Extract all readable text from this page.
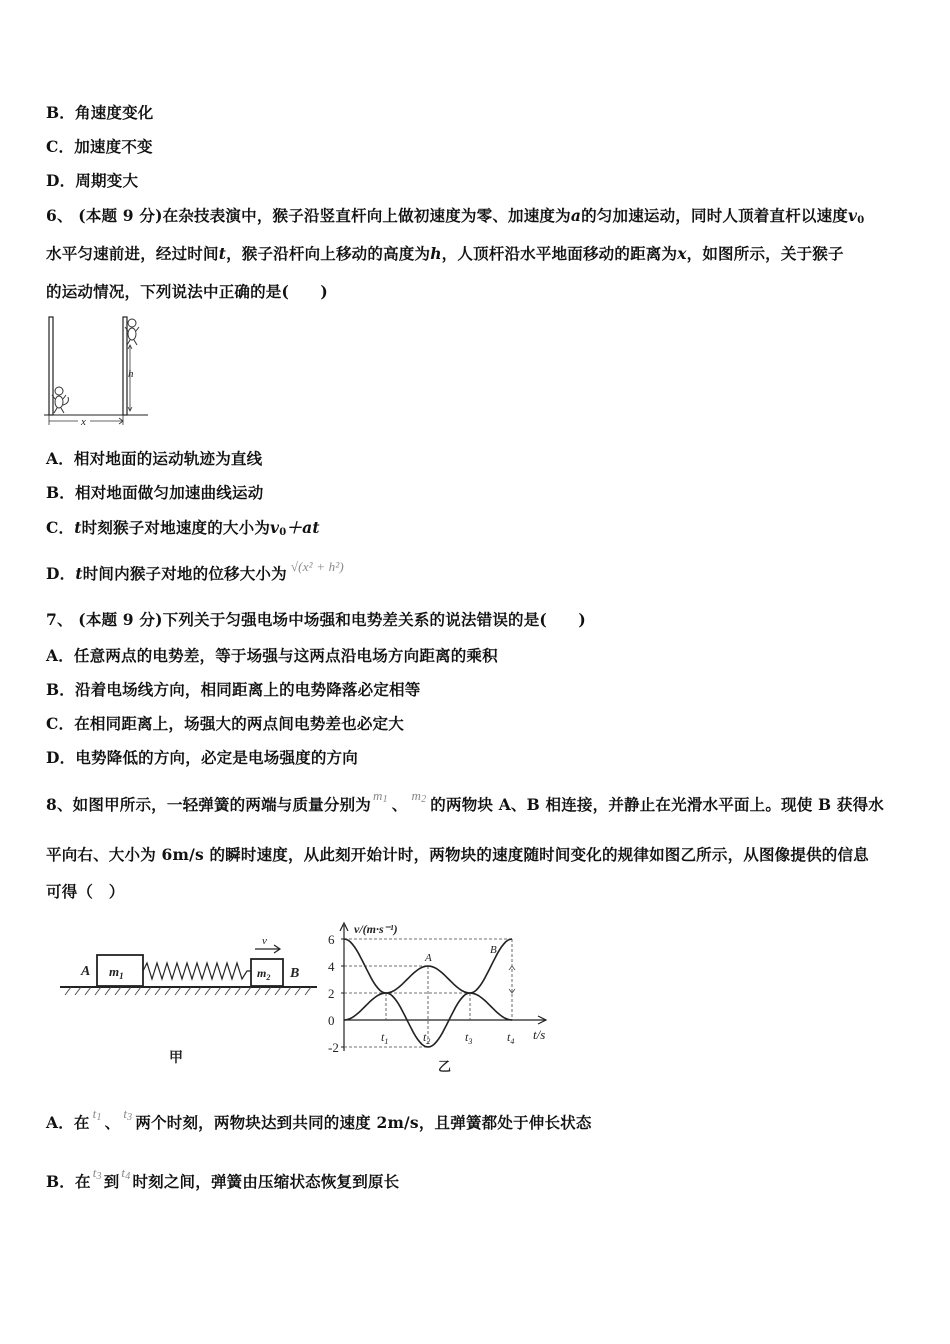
B．角速度变化
C．加速度不变
D．周期变大
6、 (本题 9 分)在杂技表演中，猴子沿竖直杆向上做初速度为零、加速度为a的匀加速运动，同时人顶着直杆以速度$v_0$
水平匀速前进，经过时间t，猴子沿杆向上移动的高度为h，人顶杆沿水平地面移动的距离为x，如图所示，关于猴子
的运动情况，下列说法中正确的是(　　)
h
x
A．相对地面的运动轨迹为直线
B．相对地面做匀加速曲线运动
C．t时刻猴子对地速度的大小为$v_0+at$
D．t时间内猴子对地的位移大小为 $^{√(x^2 + h^2)}$
7、 (本题 9 分)下列关于匀强电场中场强和电势差关系的说法错误的是(　　)
A．任意两点的电势差，等于场强与这两点沿电场方向距离的乘积
B．沿着电场线方向，相同距离上的电势降落必定相等
C．在相同距离上，场强大的两点间电势差也必定大
D．电势降低的方向，必定是电场强度的方向
8、如图甲所示，一轻弹簧的两端与质量分别为 $^{m_1}$ 、 $^{m_2}$ 的两物块 A、B 相连接，并静止在光滑水平面上。现使 B 获得水
平向右、大小为 6m/s 的瞬时速度，从此刻开始计时，两物块的速度随时间变化的规律如图乙所示，从图像提供的信息
可得（　）
$m_1$	$m_2$
v
A	B
甲
6
4
2
0
-2
$t_1$	$t_2$	$t_3$	$t_4$
A
B
v/(m·s⁻¹)
t/s
乙
A．在 $^{t_1}$ 、 $^{t_3}$ 两个时刻，两物块达到共同的速度 2m/s，且弹簧都处于伸长状态
B．在 $^{t_3}$ 到 $^{t_4}$ 时刻之间，弹簧由压缩状态恢复到原长
